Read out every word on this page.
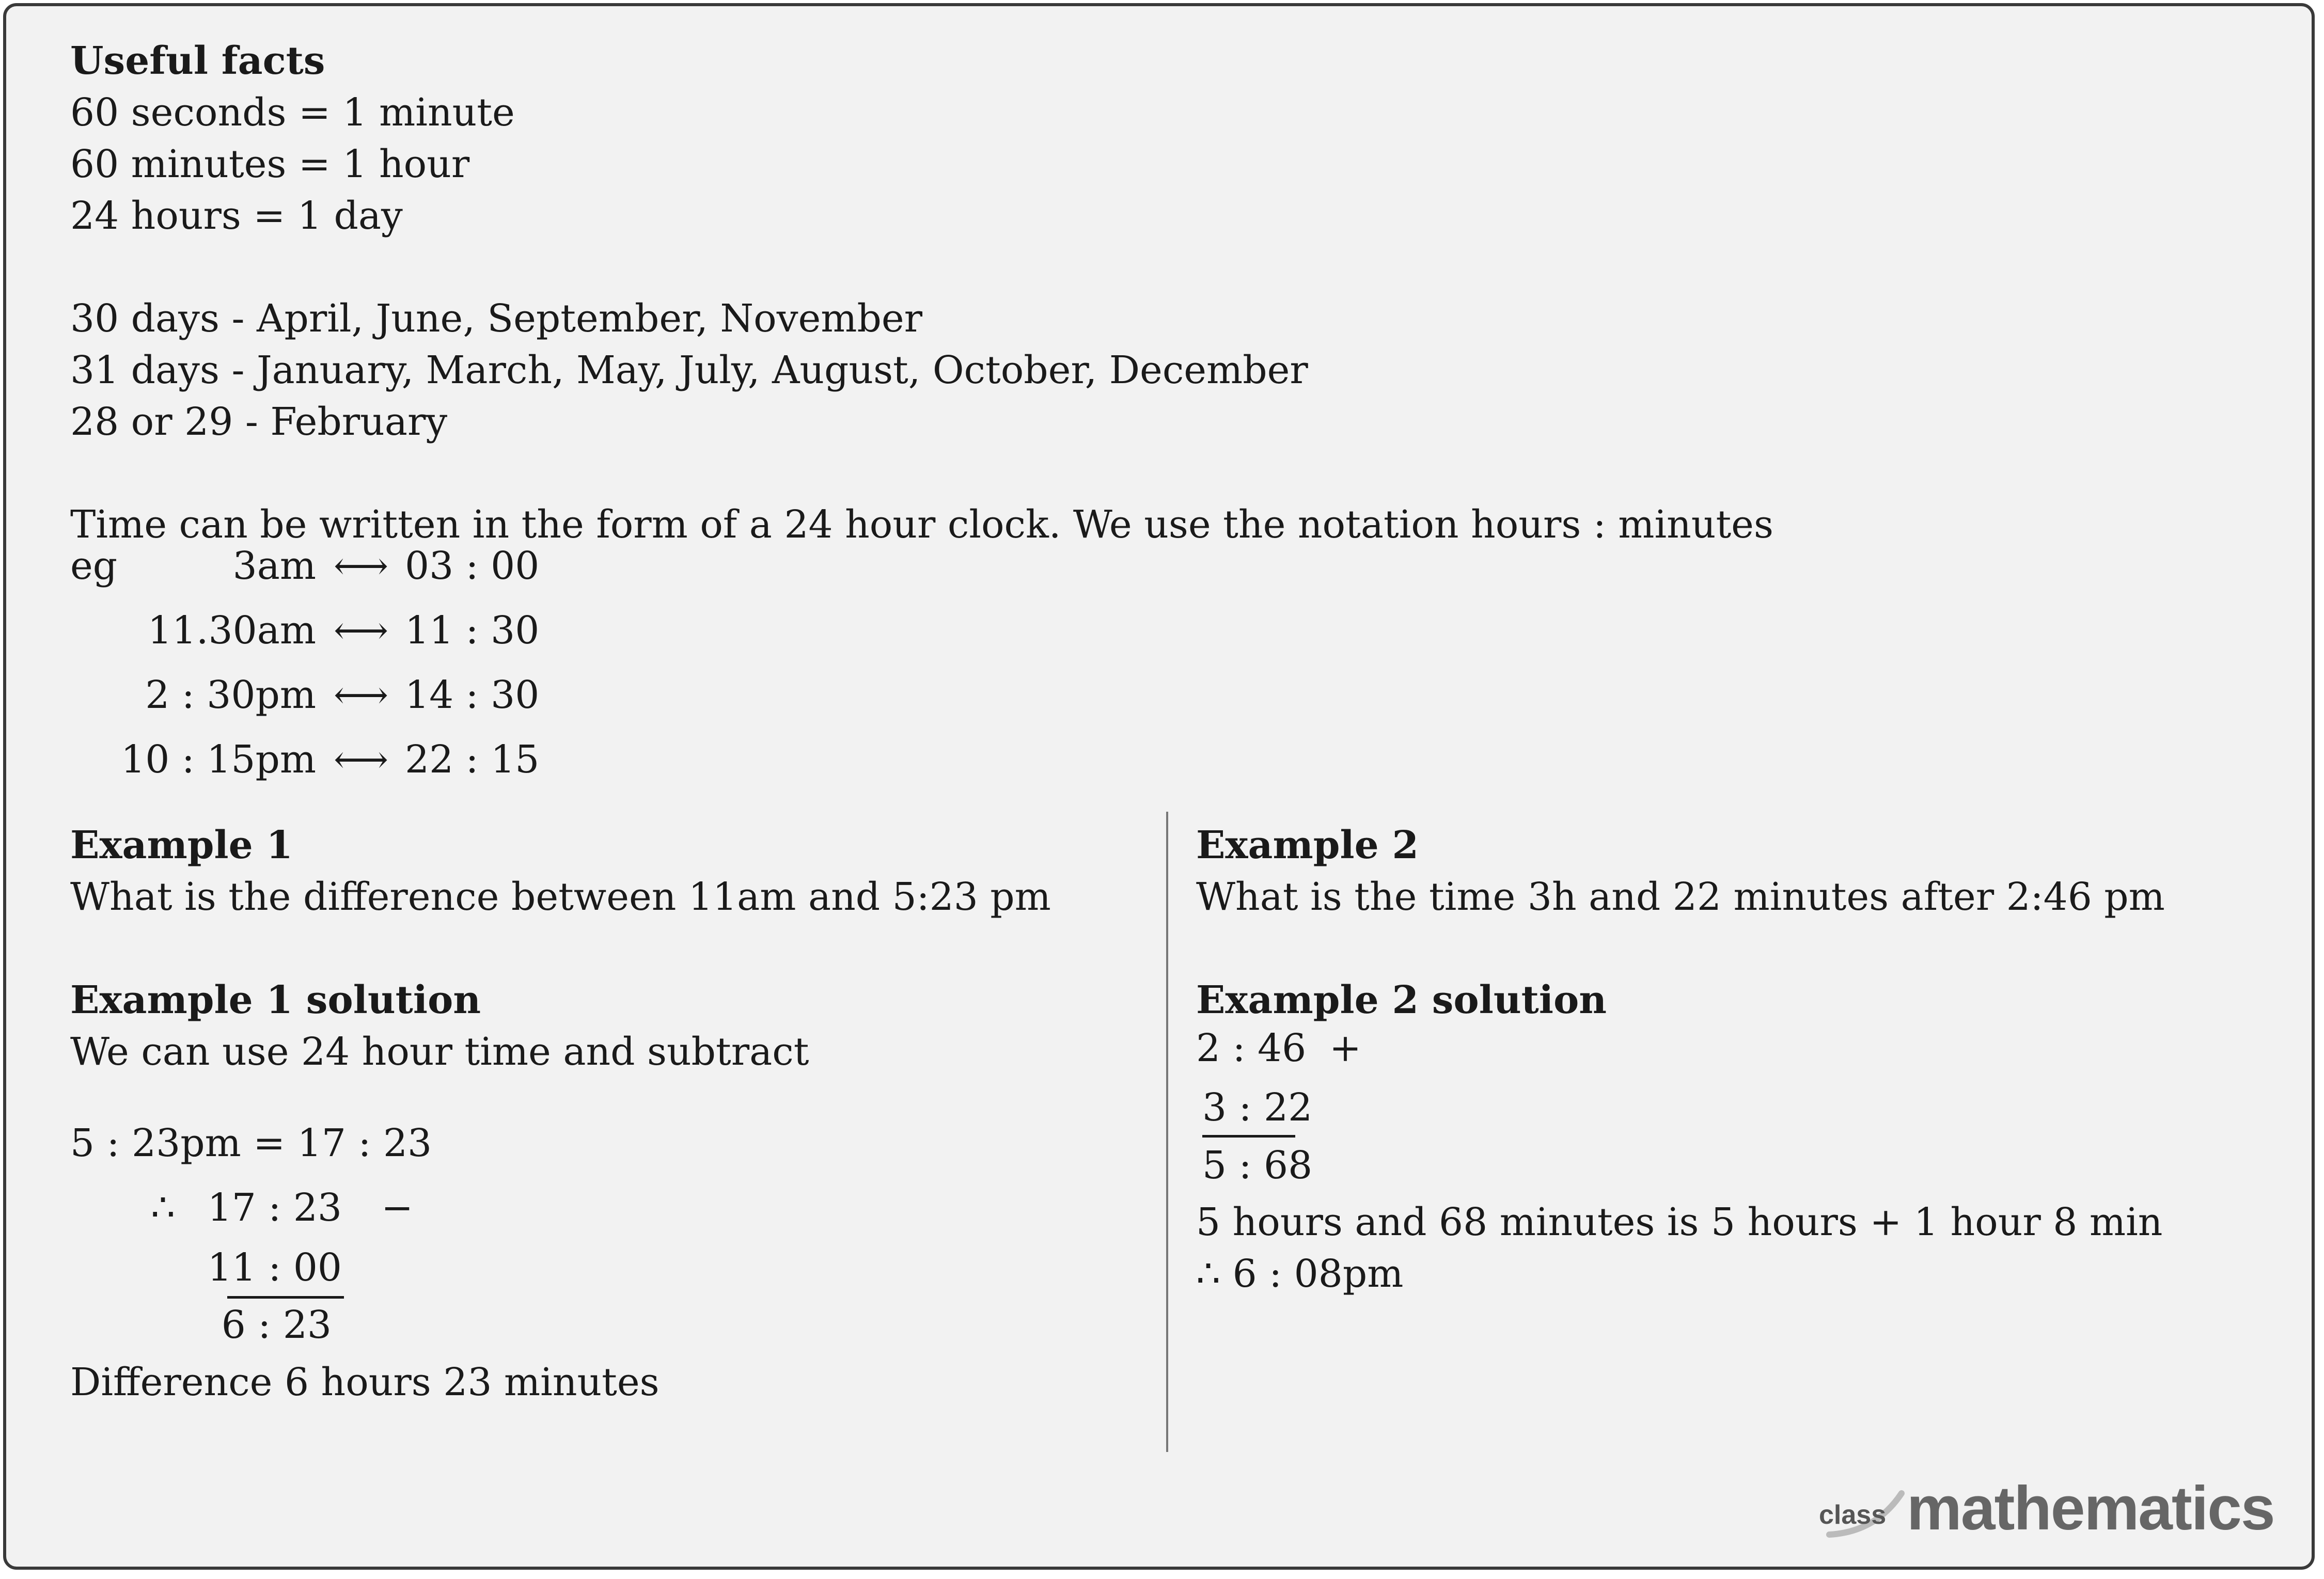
Useful facts
60 seconds = 1 minute
60 minutes = 1 hour
24 hours = 1 day
30 days - April, June, September, November
31 days - January, March, May, July, August, October, December
28 or 29 - February
Time can be written in the form of a 24 hour clock. We use the notation hours : minutes
eg	3am ⟷ 03 : 00
11.30am ⟷ 11 : 30
2 : 30pm ⟷ 14 : 30
10 : 15pm ⟷ 22 : 15
Example 1
What is the difference between 11am and 5:23 pm
Example 1 solution
We can use 24 hour time and subtract
5 : 23pm = 17 : 23
∴ 17 : 23 −
11 : 00
6 : 23
Difference 6 hours 23 minutes
Example 2
What is the time 3h and 22 minutes after 2:46 pm
Example 2 solution
2 : 46 +
3 : 22
5 : 68
5 hours and 68 minutes is 5 hours + 1 hour 8 min
∴ 6 : 08pm
class mathematics
